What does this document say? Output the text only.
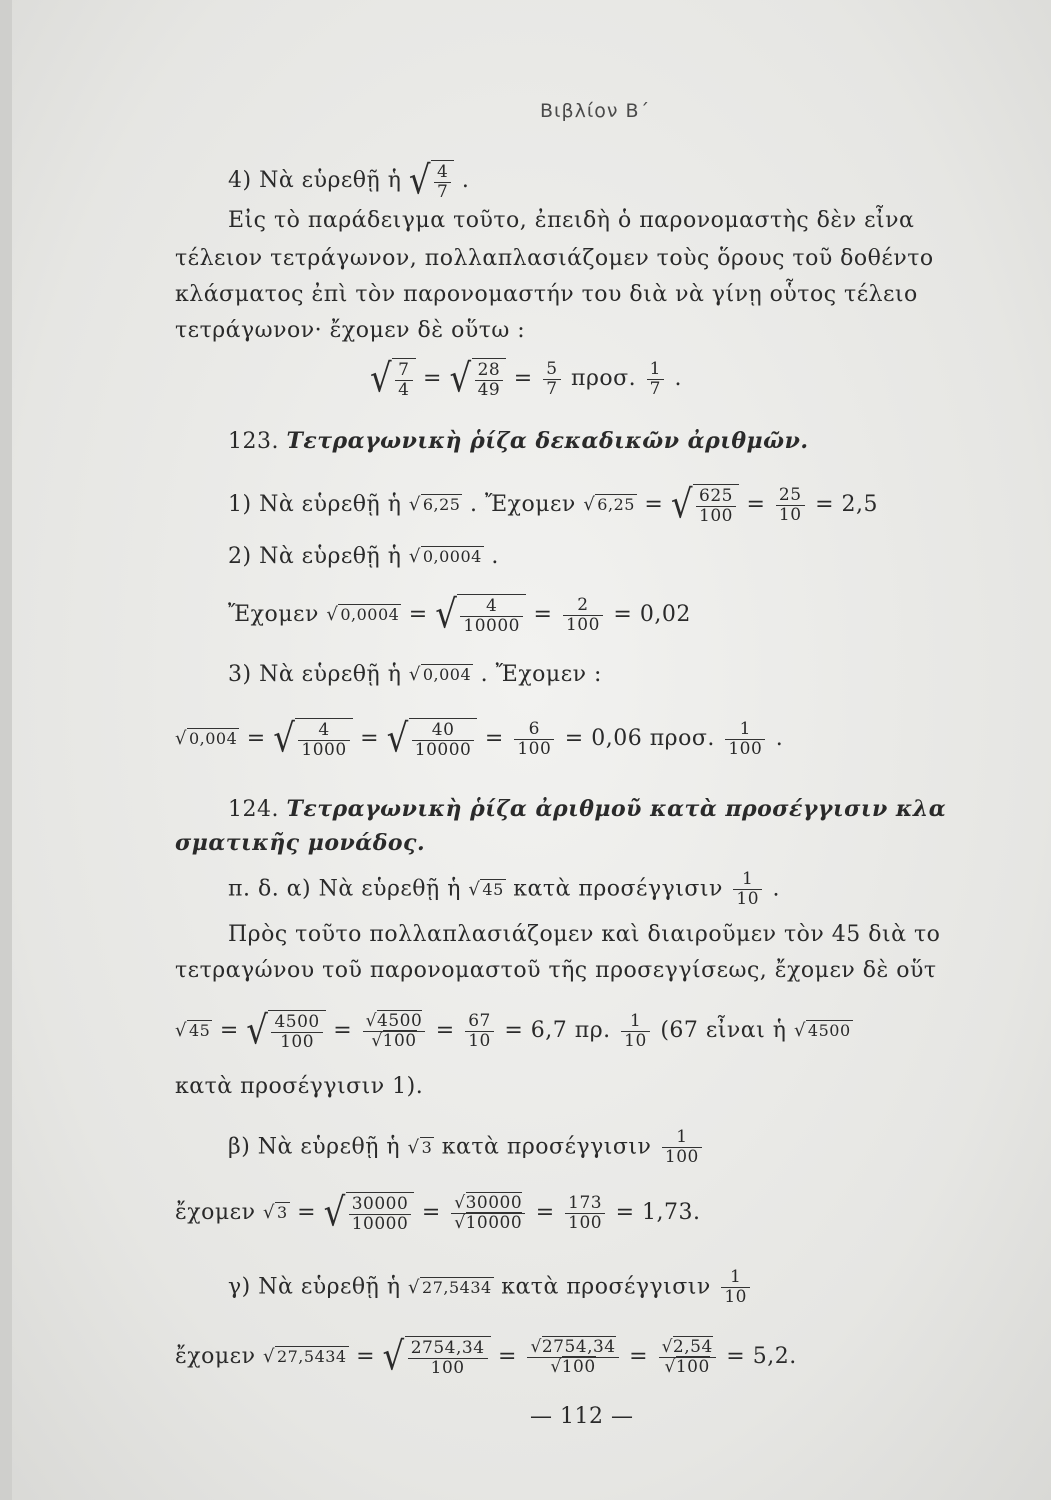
Βιβλίον Β΄
4) Νὰ εὑρεθῇ ἡ √ $\frac{4}{7}$ .
Εἰς τὸ παράδειγμα τοῦτο, ἐπειδὴ ὁ παρονομαστὴς δὲν εἶνα
τέλειον τετράγωνον, πολλαπλασιάζομεν τοὺς ὅρους τοῦ δοθέντο
κλάσματος ἐπὶ τὸν παρονομαστήν του διὰ νὰ γίνῃ οὗτος τέλειο
τετράγωνον· ἔχομεν δὲ οὕτω :
√ $\frac{7}{4}$ = √ $\frac{28}{49} = \frac{5}{7} \pi\rho o\sigma$. $\frac{1}{7}$ .
123. Τετραγωνικὴ ῥίζα δεκαδικῶν ἀριθμῶν.
1) Νὰ εὑρεθῇ ἡ √ 6,25 . Ἔχομεν √ 6,25 = √ $\frac{625}{100} = \frac{25}{10} = 2,5$
2) Νὰ εὑρεθῇ ἡ √ 0,0004 .
Ἔχομεν √ 0,0004 = √ $\frac{4}{10000} = \frac{2}{100} = 0,02$
3) Νὰ εὑρεθῇ ἡ √ 0,004 . Ἔχομεν :
√ 0,004 = √ $\frac{4}{1000}$ = √ $\frac{40}{10000} = \frac{6}{100} = 0,06$ προσ. $\frac{1}{100}$ .
124. Τετραγωνικὴ ῥίζα ἀριθμοῦ κατὰ προσέγγισιν κλα
σματικῆς μονάδος.
π. δ. α) Νὰ εὑρεθῇ ἡ √ 45 κατὰ προσέγγισιν $\frac{1}{10}$ .
Πρὸς τοῦτο πολλαπλασιάζομεν καὶ διαιροῦμεν τὸν 45 διὰ το
τετραγώνου τοῦ παρονομαστοῦ τῆς προσεγγίσεως, ἔχομεν δὲ οὕτ
√ 45 = √ $\frac{4500}{100} = \frac{√4500}{√100} = \frac{67}{10} = 6,7$ πρ. $\frac{1}{10} (67$ εἶναι ἡ √ 4500
κατὰ προσέγγισιν 1).
β) Νὰ εὑρεθῇ ἡ √ 3 κατὰ προσέγγισιν $\frac{1}{100}$
ἔχομεν √ 3 = √ $\frac{30000}{10000} = \frac{√30000}{√10000} = \frac{173}{100} = 1,73$.
γ) Νὰ εὑρεθῇ ἡ √ 27,5434 κατὰ προσέγγισιν $\frac{1}{10}$
ἔχομεν √ 27,5434 = √ $\frac{2754,34}{100} = \frac{√2754,34}{√100} = \frac{√2,54}{√100} = 5,2$.
— 112 —
